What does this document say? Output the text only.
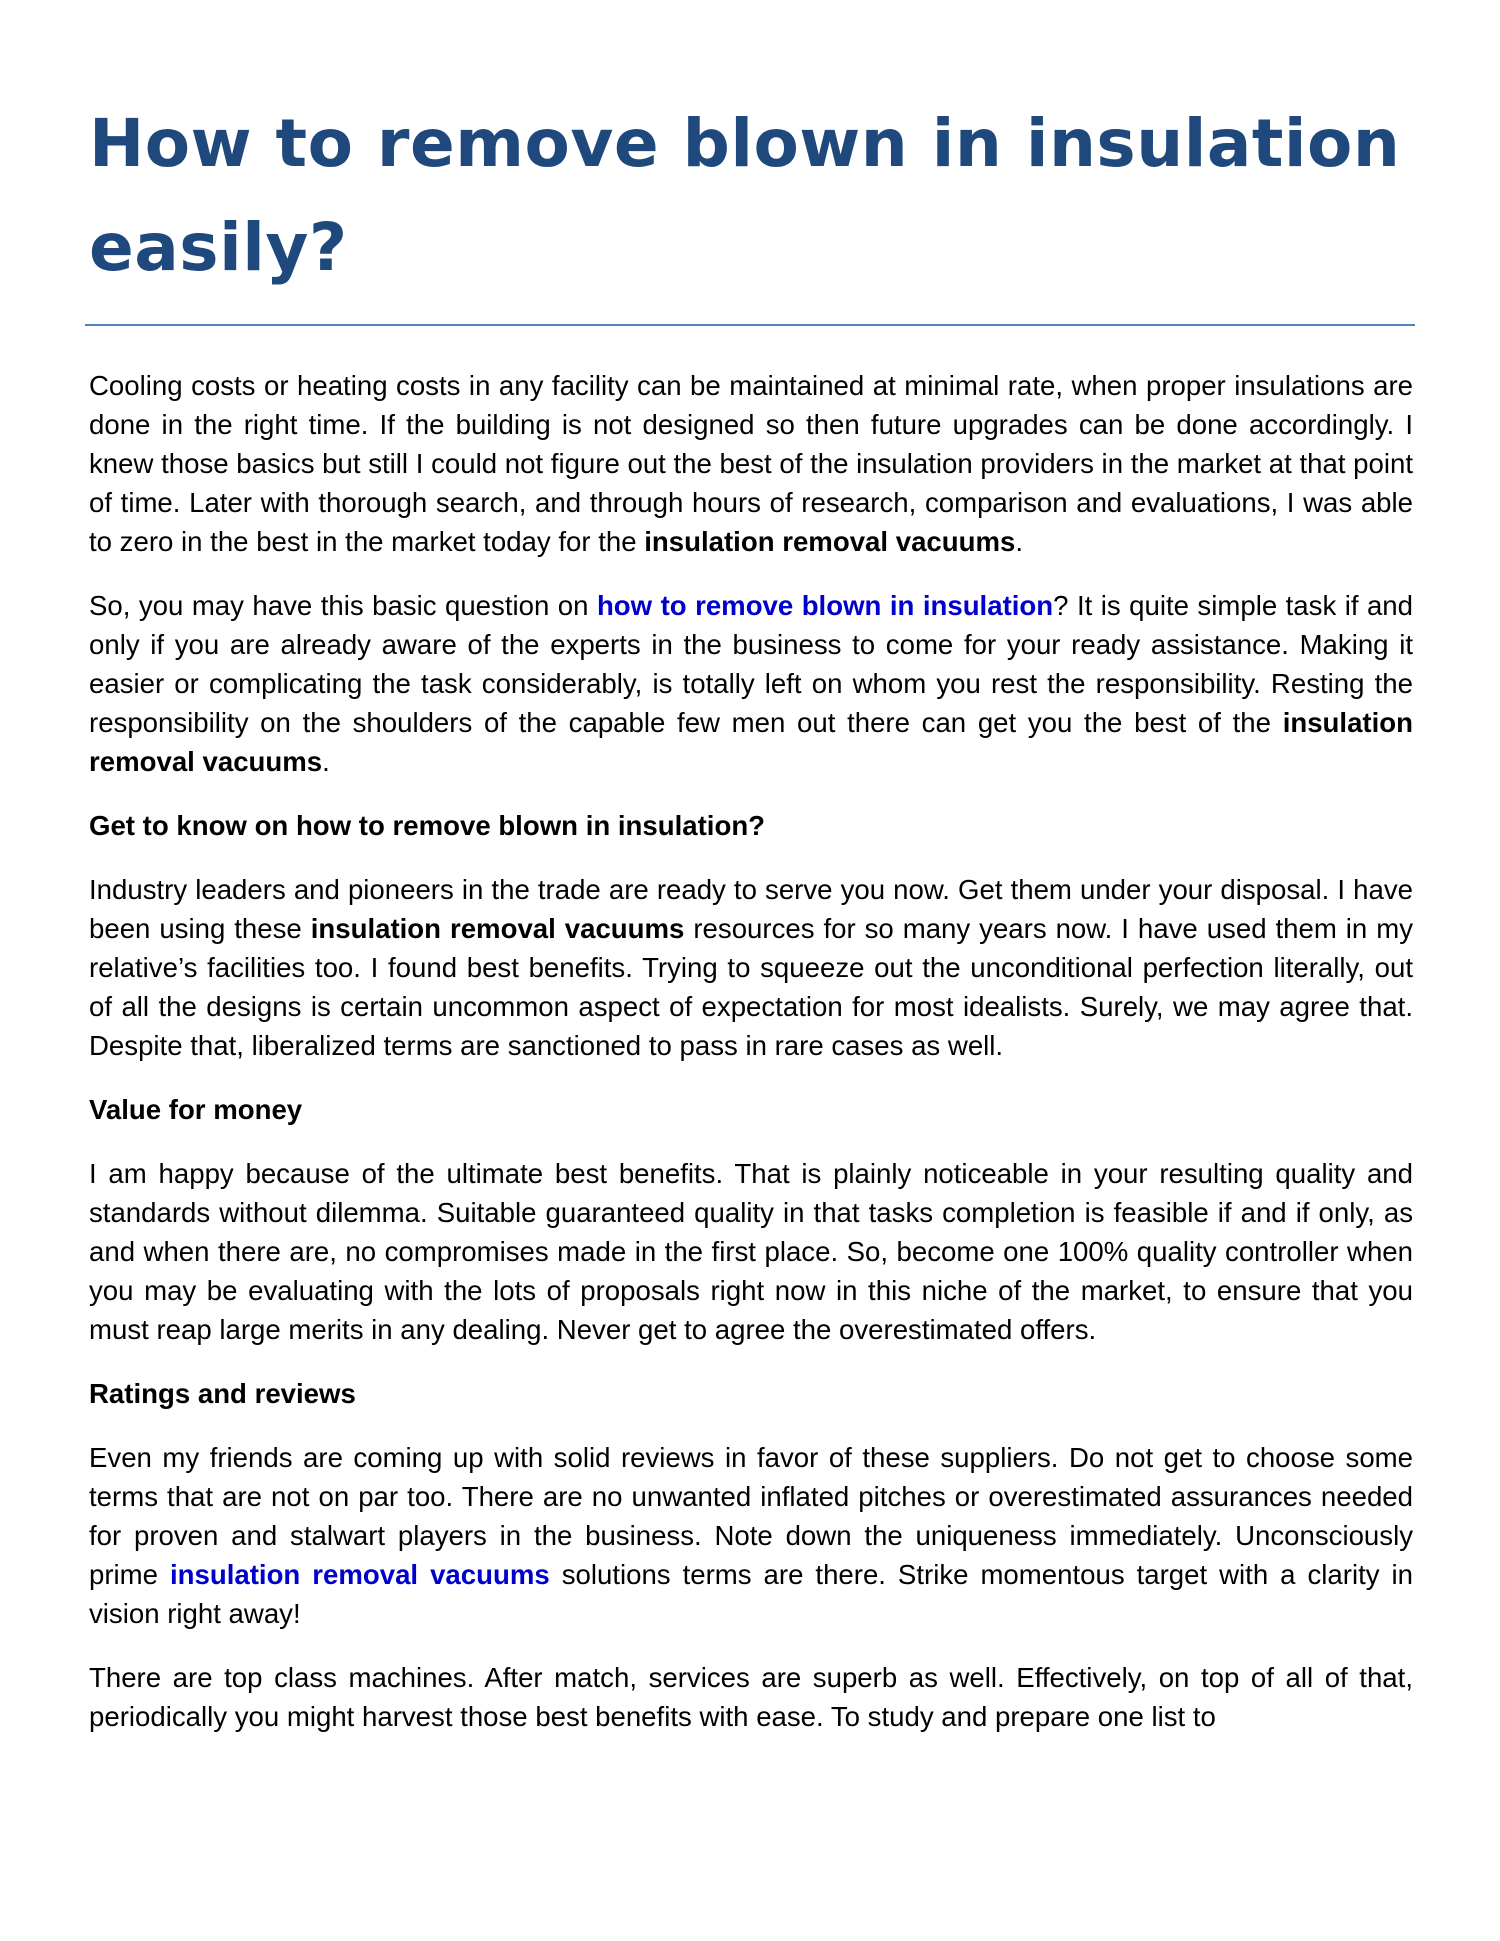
How to remove blown in insulation easily?

Cooling costs or heating costs in any facility can be maintained at minimal rate, when proper insulations are done in the right time. If the building is not designed so then future upgrades can be done accordingly. I knew those basics but still I could not figure out the best of the insulation providers in the market at that point of time. Later with thorough search, and through hours of research, comparison and evaluations, I was able to zero in the best in the market today for the insulation removal vacuums.

So, you may have this basic question on how to remove blown in insulation? It is quite simple task if and only if you are already aware of the experts in the business to come for your ready assistance. Making it easier or complicating the task considerably, is totally left on whom you rest the responsibility. Resting the responsibility on the shoulders of the capable few men out there can get you the best of the insulation removal vacuums.

Get to know on how to remove blown in insulation?

Industry leaders and pioneers in the trade are ready to serve you now. Get them under your disposal. I have been using these insulation removal vacuums resources for so many years now. I have used them in my relative’s facilities too. I found best benefits. Trying to squeeze out the unconditional perfection literally, out of all the designs is certain uncommon aspect of expectation for most idealists. Surely, we may agree that. Despite that, liberalized terms are sanctioned to pass in rare cases as well.

Value for money

I am happy because of the ultimate best benefits. That is plainly noticeable in your resulting quality and standards without dilemma. Suitable guaranteed quality in that tasks completion is feasible if and if only, as and when there are, no compromises made in the first place. So, become one 100% quality controller when you may be evaluating with the lots of proposals right now in this niche of the market, to ensure that you must reap large merits in any dealing. Never get to agree the overestimated offers.

Ratings and reviews

Even my friends are coming up with solid reviews in favor of these suppliers. Do not get to choose some terms that are not on par too. There are no unwanted inflated pitches or overestimated assurances needed for proven and stalwart players in the business. Note down the uniqueness immediately. Unconsciously prime insulation removal vacuums solutions terms are there. Strike momentous target with a clarity in vision right away!

There are top class machines. After match, services are superb as well. Effectively, on top of all of that, periodically you might harvest those best benefits with ease. To study and prepare one list to
